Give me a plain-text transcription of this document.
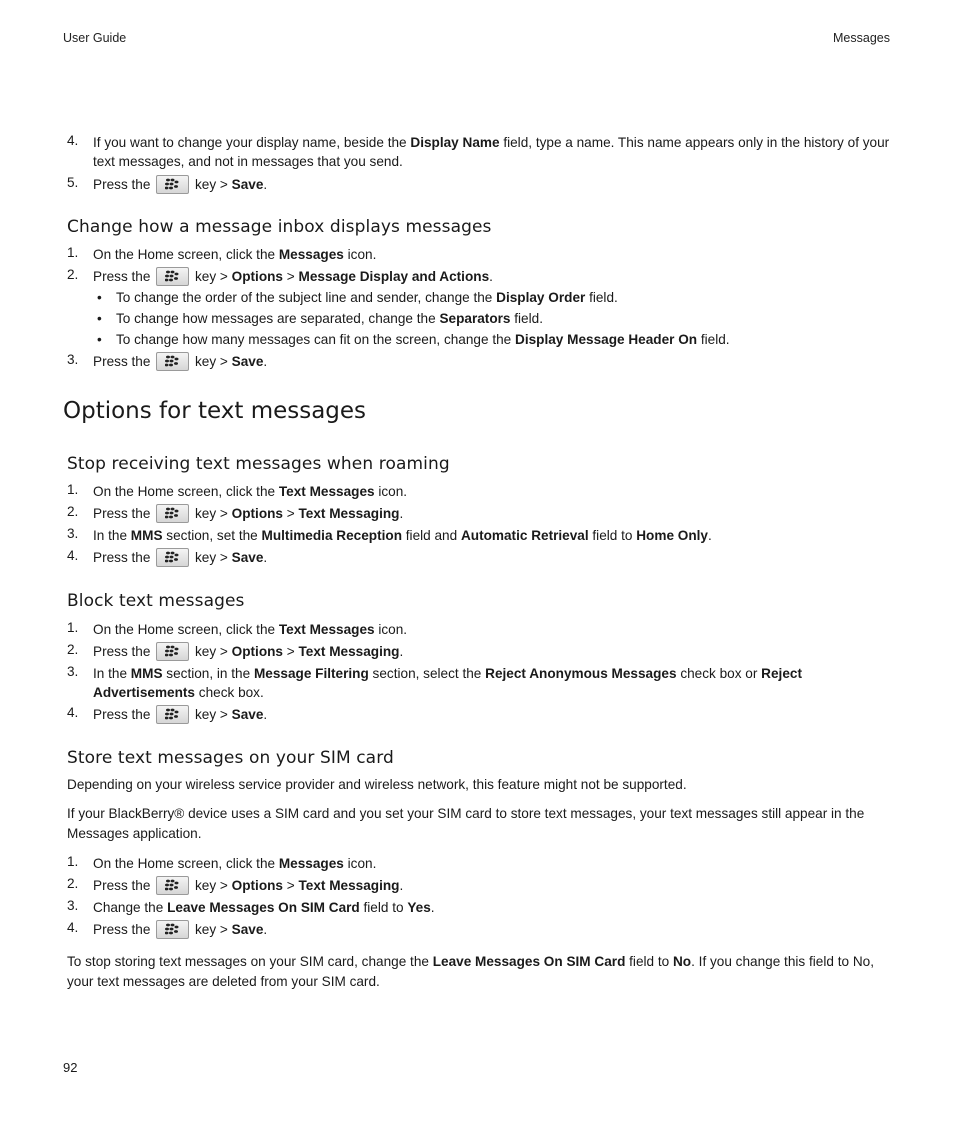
User Guide	Messages
4. If you want to change your display name, beside the Display Name field, type a name. This name appears only in the history of your text messages, and not in messages that you send.
5. Press the	key > Save.
Change how a message inbox displays messages
1. On the Home screen, click the Messages icon.
2. Press the	key > Options > Message Display and Actions.
• To change the order of the subject line and sender, change the Display Order field.
• To change how messages are separated, change the Separators field.
• To change how many messages can fit on the screen, change the Display Message Header On field.
3. Press the	key > Save.
Options for text messages
Stop receiving text messages when roaming
1. On the Home screen, click the Text Messages icon.
2. Press the	key > Options > Text Messaging.
3. In the MMS section, set the Multimedia Reception field and Automatic Retrieval field to Home Only.
4. Press the	key > Save.
Block text messages
1. On the Home screen, click the Text Messages icon.
2. Press the	key > Options > Text Messaging.
3. In the MMS section, in the Message Filtering section, select the Reject Anonymous Messages check box or Reject Advertisements check box.
4. Press the	key > Save.
Store text messages on your SIM card

Depending on your wireless service provider and wireless network, this feature might not be supported.

If your BlackBerry® device uses a SIM card and you set your SIM card to store text messages, your text messages still appear in the Messages application.

1. On the Home screen, click the Messages icon.
2. Press the	key > Options > Text Messaging.
3. Change the Leave Messages On SIM Card field to Yes.
4. Press the	key > Save.

To stop storing text messages on your SIM card, change the Leave Messages On SIM Card field to No. If you change this field to No, your text messages are deleted from your SIM card.

92
